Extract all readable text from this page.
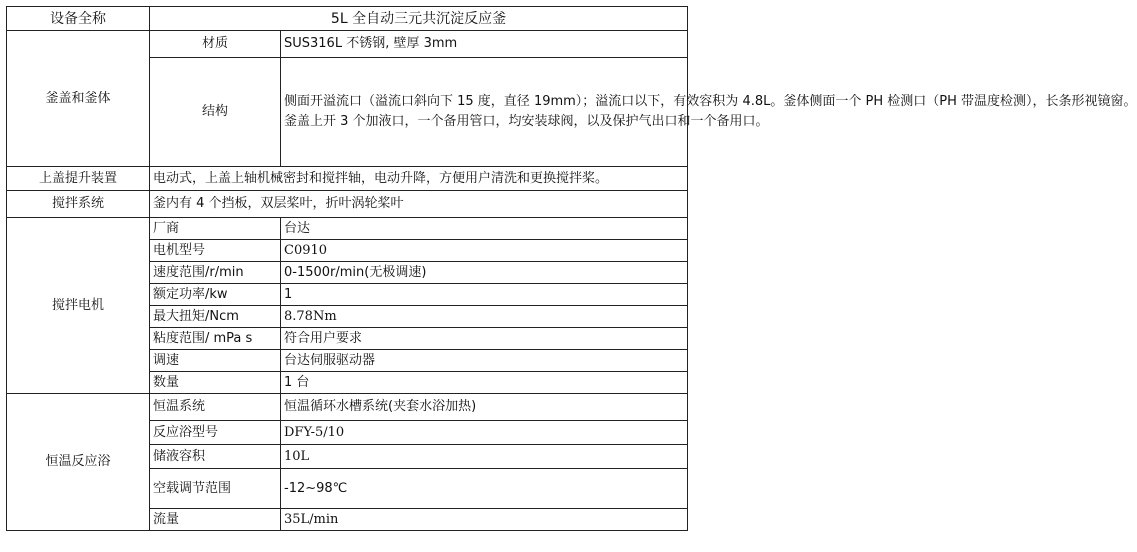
设备全称	5L 全自动三元共沉淀反应釜	
釜盖和釜体	材质	SUS316L 不锈钢, 壁厚 3mm
	结构	侧面开溢流口（溢流口斜向下 15 度，直径 19mm）；溢流口以下，有效容积为 4.8L。釜体侧面一个 PH 检测口（PH 带温度检测），长条形视镜窗。
釜盖上开 3 个加液口，一个备用管口，均安装球阀，以及保护气出口和一个备用口。

上盖提升装置	电动式，上盖上轴机械密封和搅拌轴，电动升降，方便用户清洗和更换搅拌桨。	
搅拌系统	釜内有 4 个挡板，双层桨叶，折叶涡轮桨叶	
搅拌电机	厂商	台达
	电机型号	C0910
	速度范围/r/min	0-1500r/min(无极调速)
	额定功率/kw	1
	最大扭矩/Ncm	8.78Nm
	粘度范围/ mPa s	符合用户要求
	调速	台达伺服驱动器
	数量	1 台
恒温反应浴	恒温系统	恒温循环水槽系统(夹套水浴加热)
	反应浴型号	DFY-5/10
	储液容积	10L
	空载调节范围	-12~98℃
	流量	35L/min
